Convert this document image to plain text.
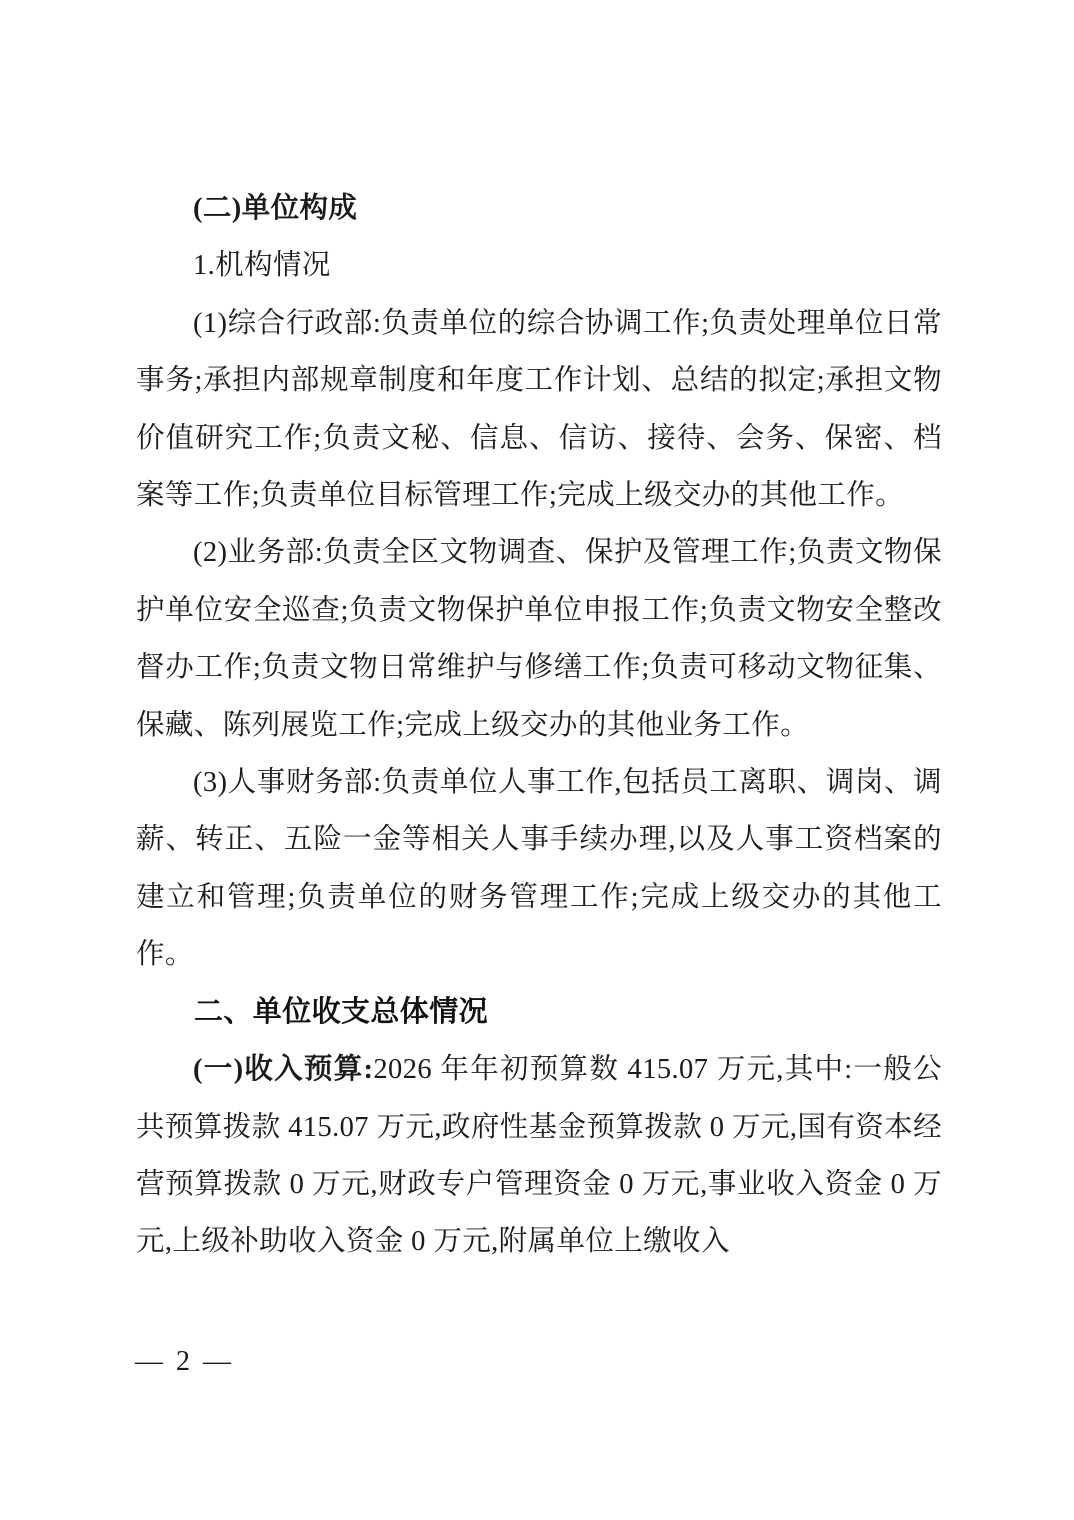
(二)单位构成

1.机构情况

(1)综合行政部:负责单位的综合协调工作;负责处理单位日常事务;承担内部规章制度和年度工作计划、总结的拟定;承担文物价值研究工作;负责文秘、信息、信访、接待、会务、保密、档案等工作;负责单位目标管理工作;完成上级交办的其他工作。

(2)业务部:负责全区文物调查、保护及管理工作;负责文物保护单位安全巡查;负责文物保护单位申报工作;负责文物安全整改督办工作;负责文物日常维护与修缮工作;负责可移动文物征集、保藏、陈列展览工作;完成上级交办的其他业务工作。

(3)人事财务部:负责单位人事工作,包括员工离职、调岗、调薪、转正、五险一金等相关人事手续办理,以及人事工资档案的建立和管理;负责单位的财务管理工作;完成上级交办的其他工作。

二、单位收支总体情况

(一)收入预算:2026 年年初预算数 415.07 万元,其中:一般公共预算拨款 415.07 万元,政府性基金预算拨款 0 万元,国有资本经营预算拨款 0 万元,财政专户管理资金 0 万元,事业收入资金 0 万元,上级补助收入资金 0 万元,附属单位上缴收入

— 2 —
